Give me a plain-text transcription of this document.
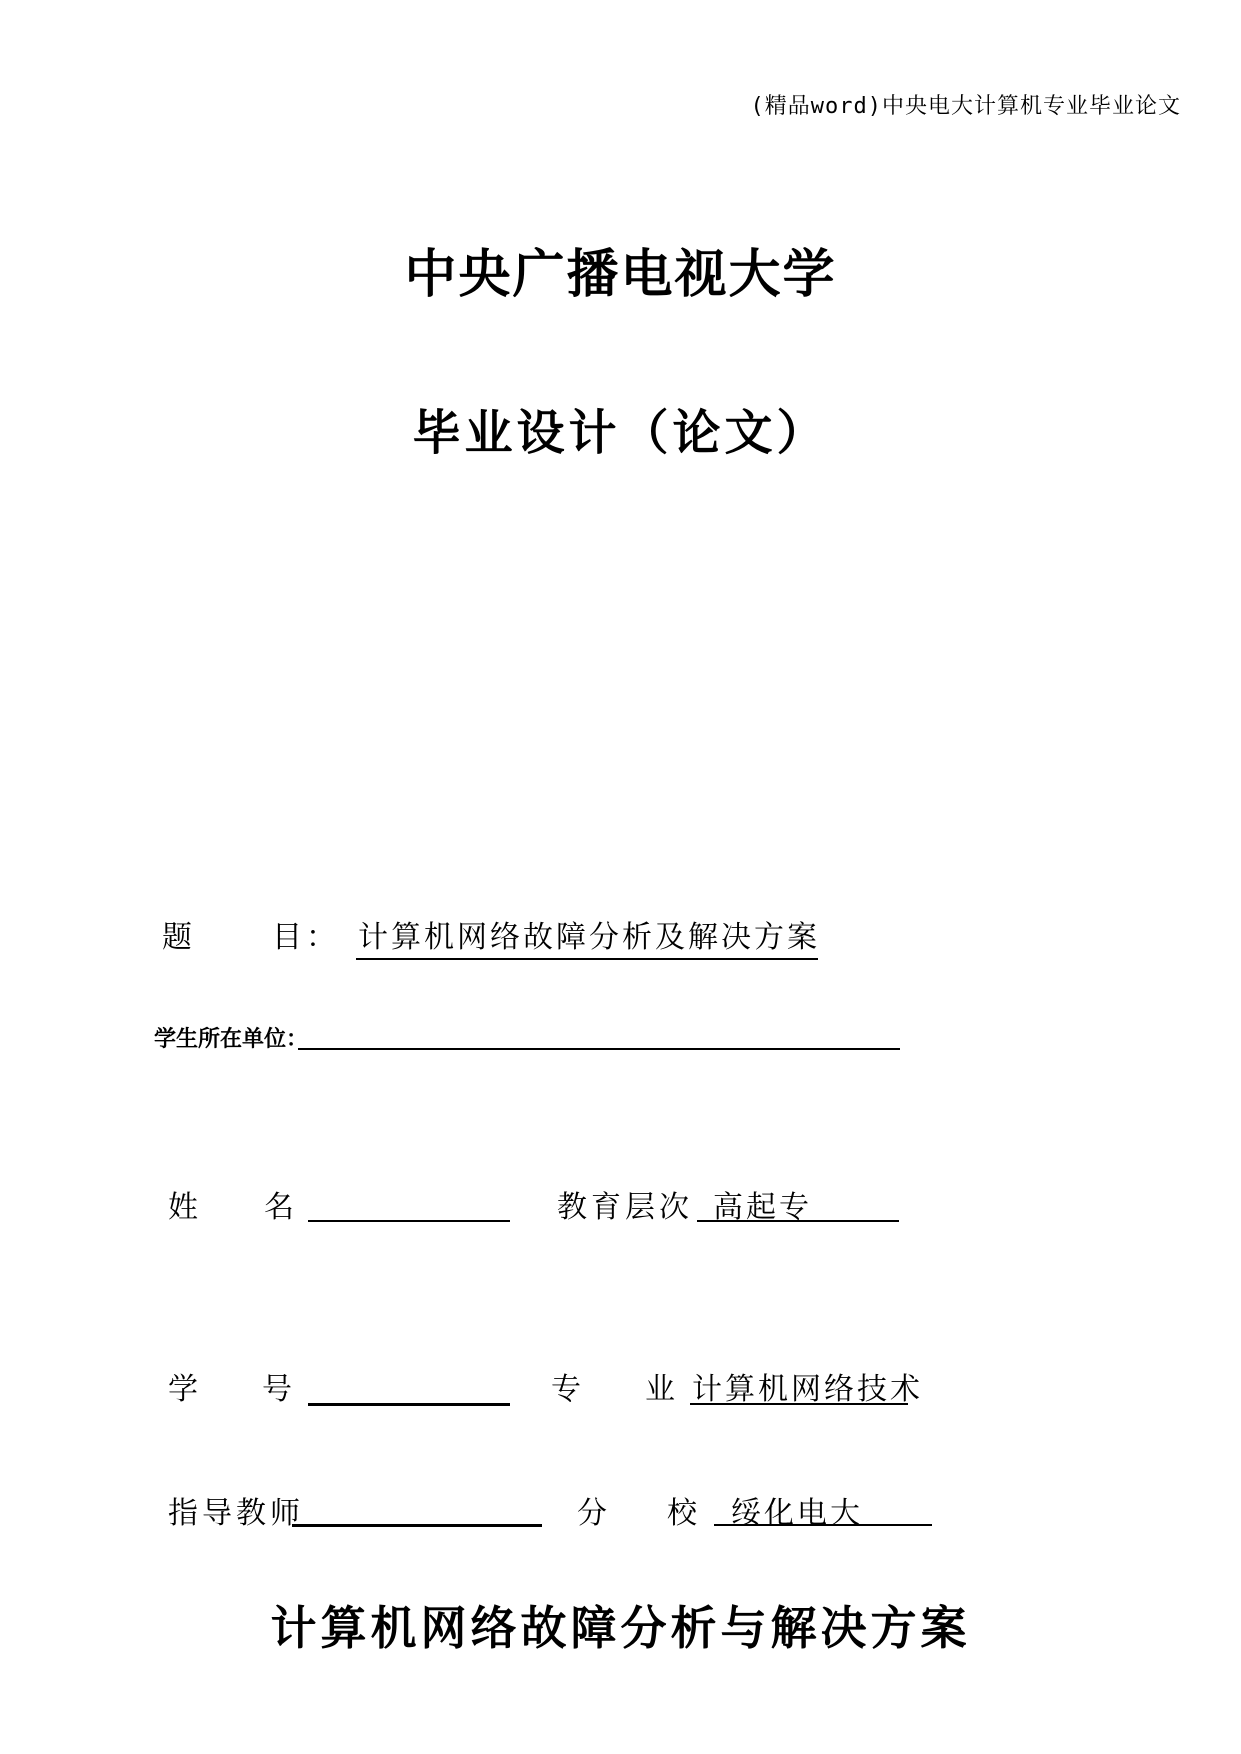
(精品word)中央电大计算机专业毕业论文
中央广播电视大学
毕业设计（论文）
题	目： 计算机网络故障分析及解决方案
学生所在单位：
姓 名	教育层次 高起专
学 号	专 业 计算机网络技术
指导教师	分 校 绥化电大
计算机网络故障分析与解决方案
